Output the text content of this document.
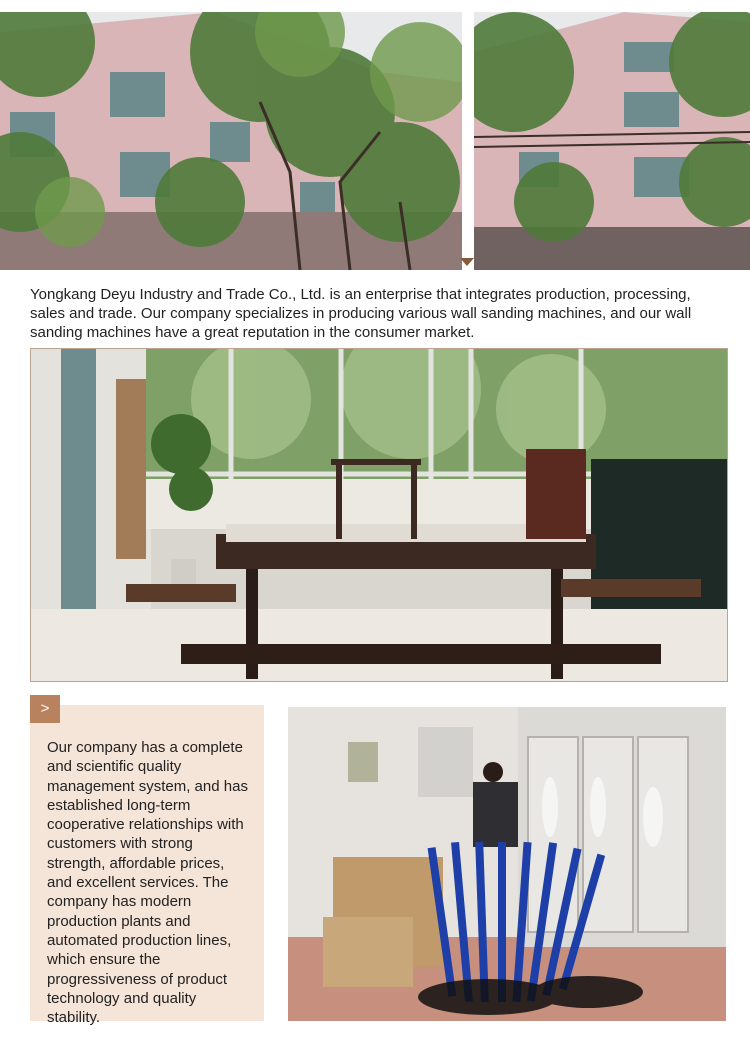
Yongkang Deyu Industry and Trade Co., Ltd. is an enterprise that integrates production, processing, sales and trade. Our company specializes in producing various wall sanding machines, and our wall sanding machines have a great reputation in the consumer market.

>

Our company has a complete and scientific quality management system, and has established long-term cooperative relationships with customers with strong strength, affordable prices, and excellent services. The company has modern production plants and automated production lines, which ensure the progressiveness of product technology and quality stability.
